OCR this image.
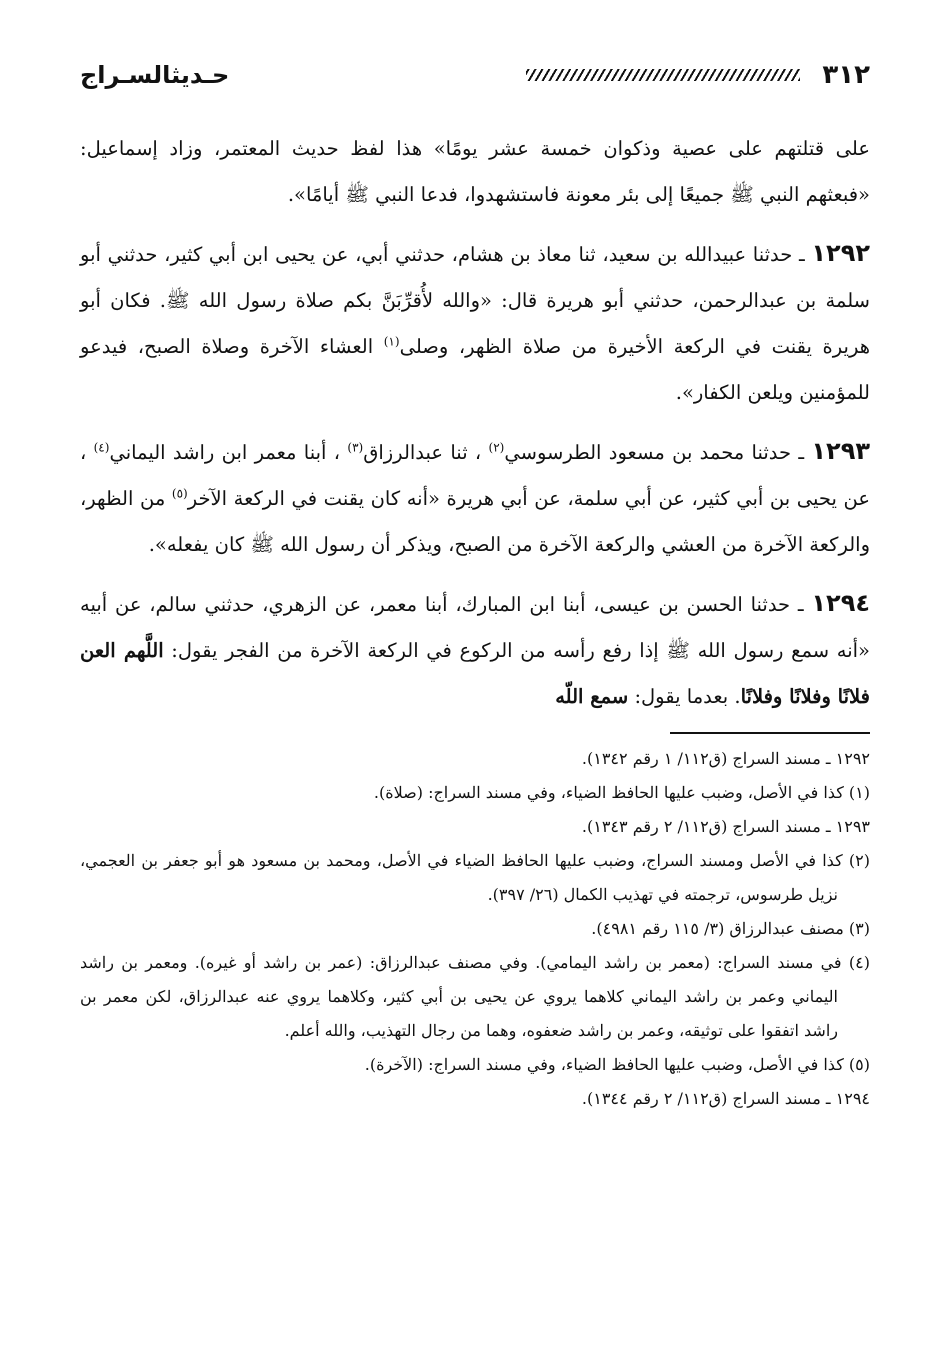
٣١٢
حـديثالسـراج

على قتلتهم على عصية وذكوان خمسة عشر يومًا» هذا لفظ حديث المعتمر، وزاد إسماعيل: «فبعثهم النبي ﷺ جميعًا إلى بئر معونة فاستشهدوا، فدعا النبي ﷺ أيامًا».

١٢٩٢ ـ حدثنا عبيدالله بن سعيد، ثنا معاذ بن هشام، حدثني أبي، عن يحيى ابن أبي كثير، حدثني أبو سلمة بن عبدالرحمن، حدثني أبو هريرة قال: «والله لأُقرِّبَنَّ بكم صلاة رسول الله ﷺ. فكان أبو هريرة يقنت في الركعة الأخيرة من صلاة الظهر، وصلى$^{(١)}$ العشاء الآخرة وصلاة الصبح، فيدعو للمؤمنين ويلعن الكفار».

١٢٩٣ ـ حدثنا محمد بن مسعود الطرسوسي$^{(٢)}$ ، ثنا عبدالرزاق$^{(٣)}$ ، أبنا معمر ابن راشد اليماني$^{(٤)}$ ، عن يحيى بن أبي كثير، عن أبي سلمة، عن أبي هريرة «أنه كان يقنت في الركعة الآخر$^{(٥)}$ من الظهر، والركعة الآخرة من العشي والركعة الآخرة من الصبح، ويذكر أن رسول الله ﷺ كان يفعله».

١٢٩٤ ـ حدثنا الحسن بن عيسى، أبنا ابن المبارك، أبنا معمر، عن الزهري، حدثني سالم، عن أبيه «أنه سمع رسول الله ﷺ إذا رفع رأسه من الركوع في الركعة الآخرة من الفجر يقول: اللَّهم العن فلانًا وفلانًا وفلانًا. بعدما يقول: سمع اللّه

١٢٩٢ ـ مسند السراج (ق١١٢/ ١ رقم ١٣٤٢).

(١) كذا في الأصل، وضبب عليها الحافظ الضياء، وفي مسند السراج: (صلاة).

١٢٩٣ ـ مسند السراج (ق١١٢/ ٢ رقم ١٣٤٣).

(٢) كذا في الأصل ومسند السراج، وضبب عليها الحافظ الضياء في الأصل، ومحمد بن مسعود هو أبو جعفر بن العجمي، نزيل طرسوس، ترجمته في تهذيب الكمال (٢٦/ ٣٩٧).

(٣) مصنف عبدالرزاق (٣/ ١١٥ رقم ٤٩٨١).

(٤) في مسند السراج: (معمر بن راشد اليمامي). وفي مصنف عبدالرزاق: (عمر بن راشد أو غيره). ومعمر بن راشد اليماني وعمر بن راشد اليماني كلاهما يروي عن يحيى بن أبي كثير، وكلاهما يروي عنه عبدالرزاق، لكن معمر بن راشد اتفقوا على توثيقه، وعمر بن راشد ضعفوه، وهما من رجال التهذيب، والله أعلم.

(٥) كذا في الأصل، وضبب عليها الحافظ الضياء، وفي مسند السراج: (الآخرة).

١٢٩٤ ـ مسند السراج (ق١١٢/ ٢ رقم ١٣٤٤).
